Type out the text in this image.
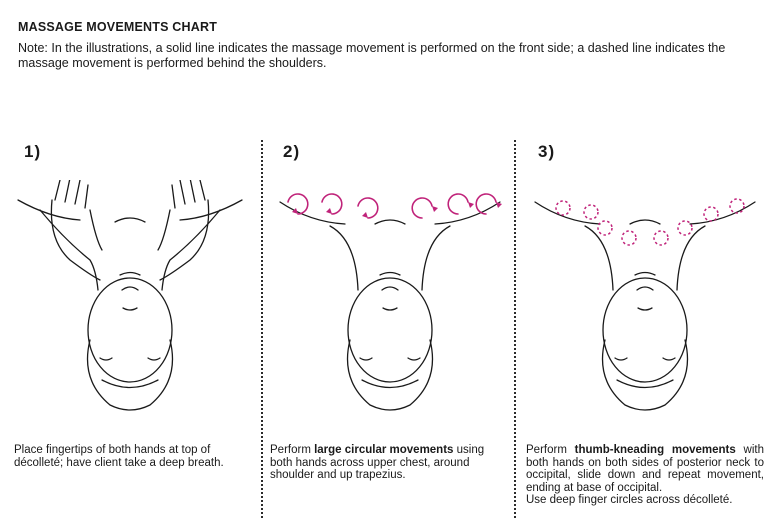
MASSAGE MOVEMENTS CHART
Note: In the illustrations, a solid line indicates the massage movement is performed on the front side; a dashed line indicates the massage movement is performed behind the shoulders.
1)
Place fingertips of both hands at top of décolleté; have client take a deep breath.
2)
Perform large circular movements using both hands across upper chest, around shoulder and up trapezius.
3)
Perform thumb-kneading movements with both hands on both sides of posterior neck to occipital, slide down and repeat movement, ending at base of occipital.
Use deep finger circles across décolleté.
